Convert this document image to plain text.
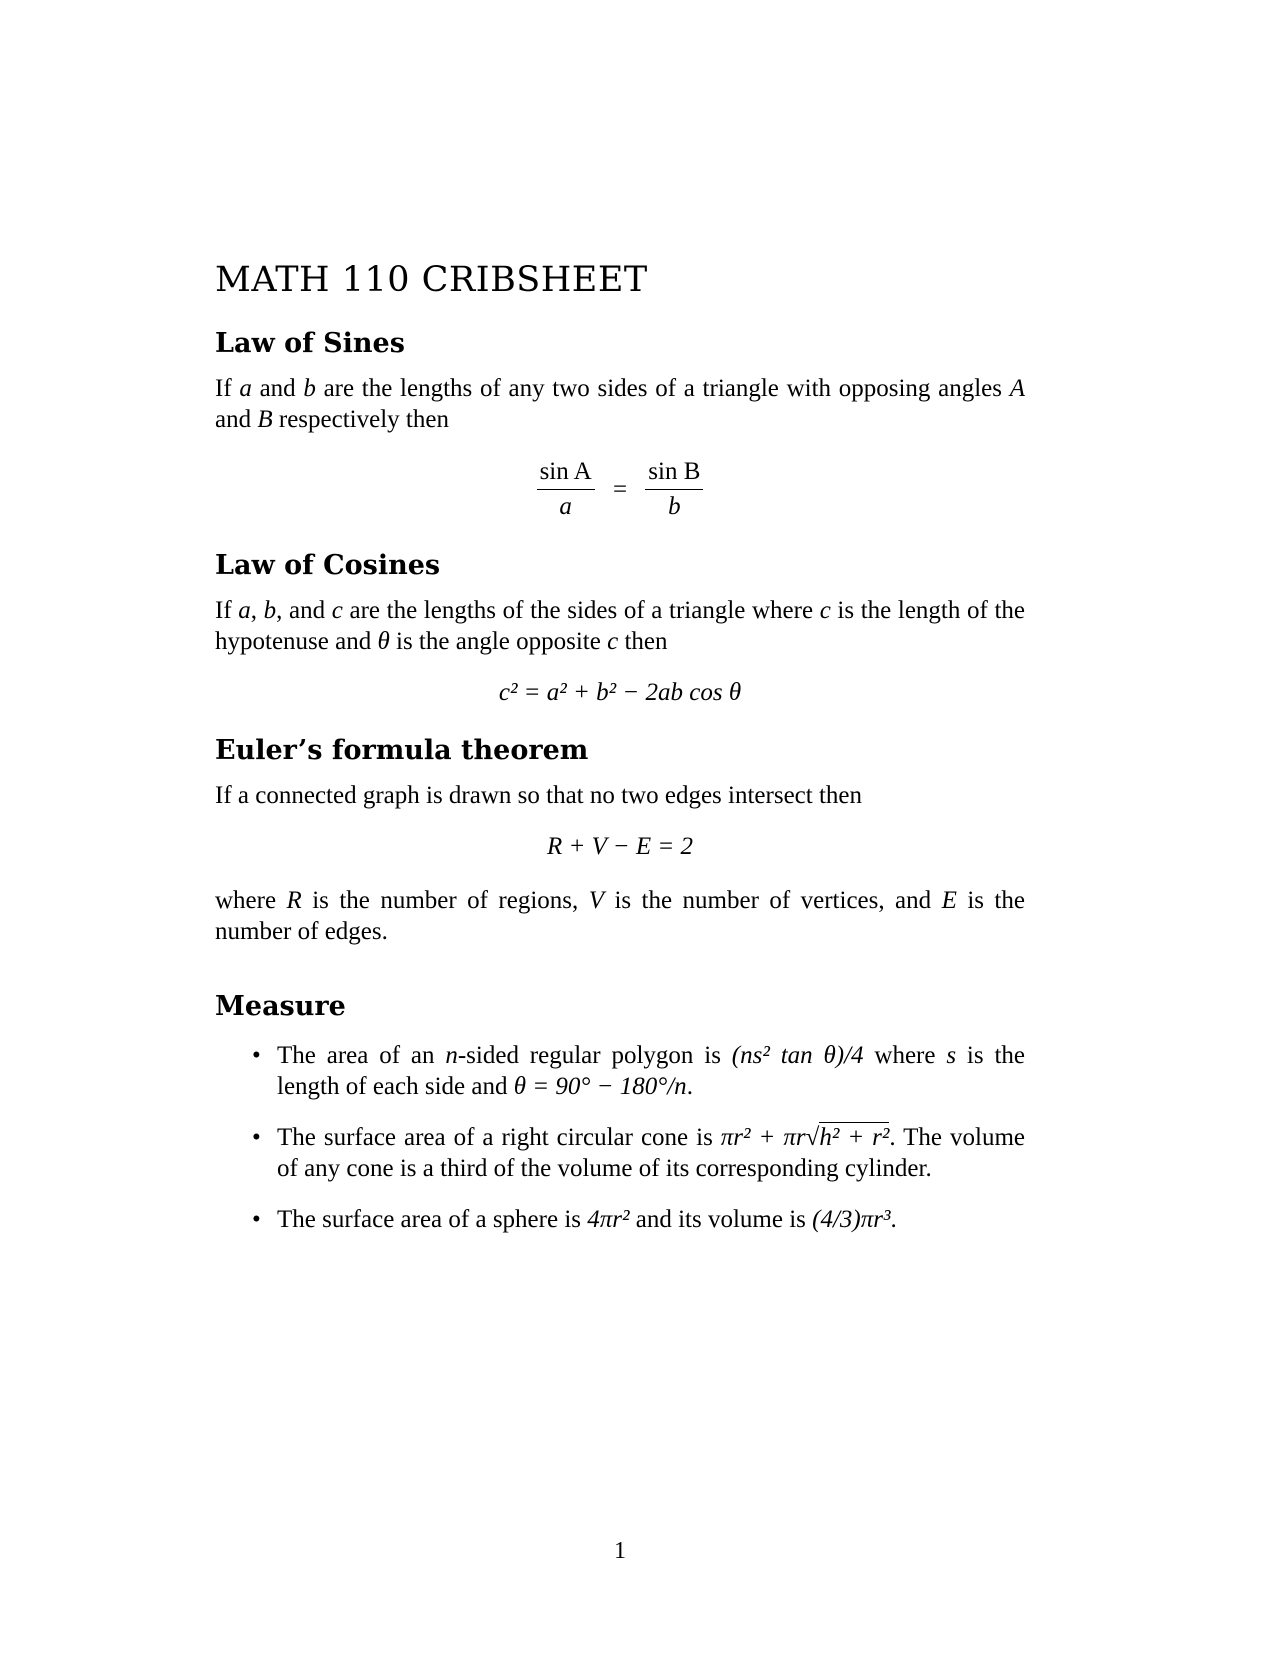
MATH 110 CRIBSHEET
Law of Sines

If a and b are the lengths of any two sides of a triangle with opposing angles A and B respectively then

$\frac{\text{sin A}}{a} = \frac{\text{sin B}}{b}$
Law of Cosines

If a, b, and c are the lengths of the sides of a triangle where c is the length of the hypotenuse and θ is the angle opposite c then

c² = a² + b² − 2ab cos θ
Euler’s formula theorem

If a connected graph is drawn so that no two edges intersect then

R + V − E = 2

where R is the number of regions, V is the number of vertices, and E is the number of edges.

Measure
• The area of an n-sided regular polygon is (ns² tan θ)/4 where s is the length of each side and θ = 90° − 180°/n.
• The surface area of a right circular cone is πr² + πr√h² + r². The volume of any cone is a third of the volume of its corresponding cylinder.
• The surface area of a sphere is 4πr² and its volume is (4/3)πr³.
1
